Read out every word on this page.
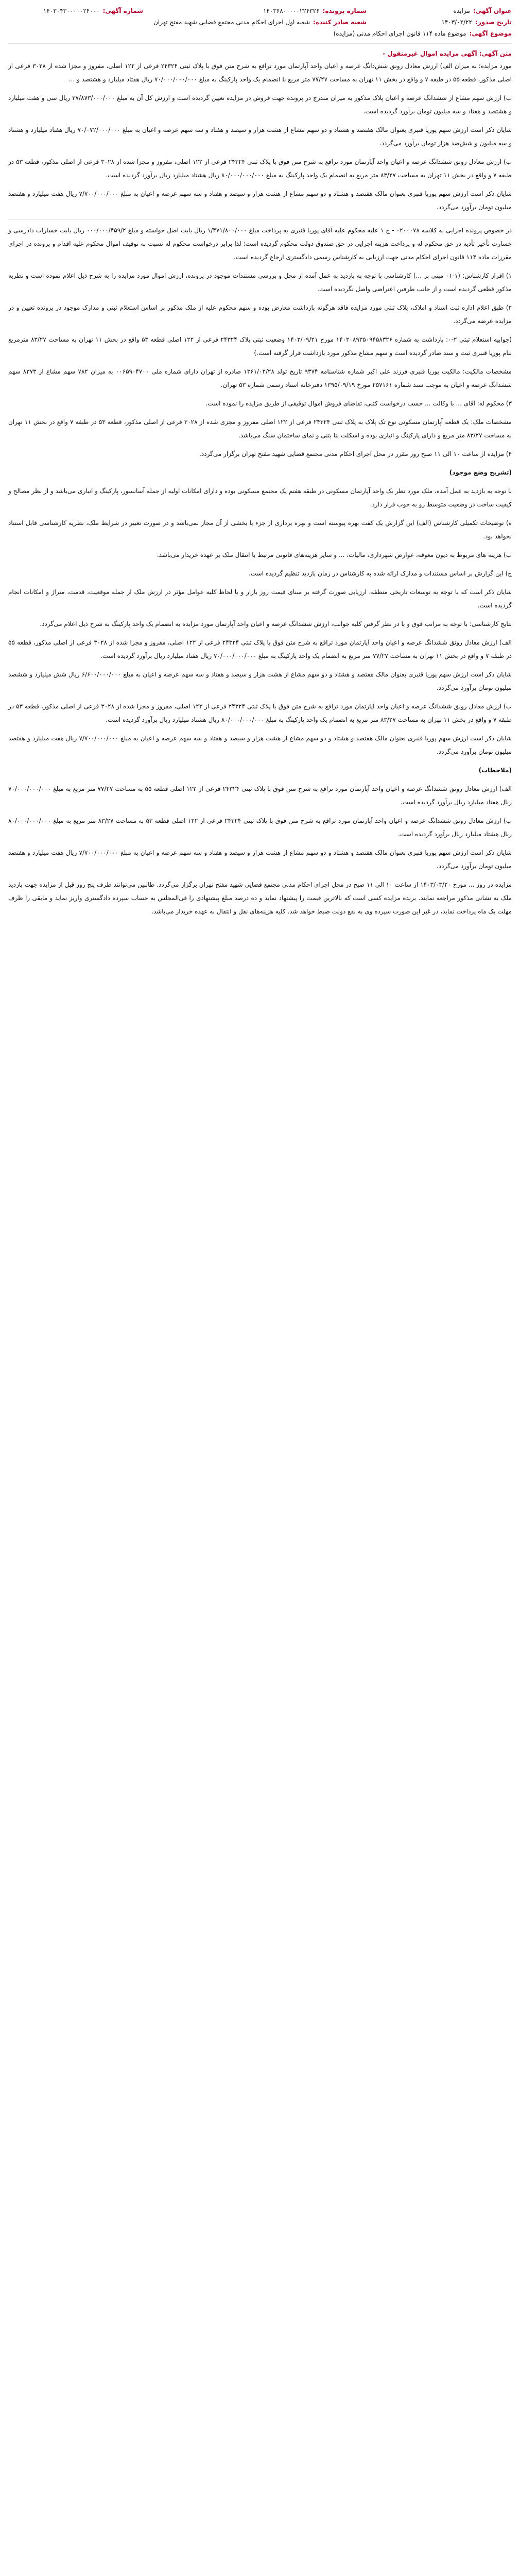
عنوان آگهی:
مزایده
تاریخ صدور:
۱۴۰۳/۰۲/۲۲
شماره پرونده:
۱۴۰۳۶۸۰۰۰۰۰۲۲۴۳۲۶
شعبه صادر کننده:
شعبه اول اجرای احکام مدنی مجتمع قضایی شهید مفتح تهران
شماره آگهی:
۱۴۰۳۰۴۳۰۰۰۰۰۲۴۰۰۰
موضوع آگهی:
موضوع ماده ۱۱۴ قانون اجرای احکام مدنی (مزایده)
متن آگهی: آگهی مزایده اموال غیرمنقول -

مورد مزایده؛ به میزان الف) ارزش معادل رونق شش‌دانگ عرصه و اعیان واحد آپارتمان مورد ترافع به شرح متن فوق با پلاک ثبتی ۲۴۳۲۴ فرعی از ۱۲۲ اصلی، مفروز و مجزا شده از ۳۰۲۸ فرعی از اصلی مذکور، قطعه ۵۵ در طبقه ۷ و واقع در بخش ۱۱ تهران به مساحت ۷۷/۲۷ متر مربع با انضمام یک واحد پارکینگ به مبلغ ۷۰/۰۰۰/۰۰۰/۰۰۰ ریال هفتاد میلیارد و هشتصد و ...

ب) ارزش سهم مشاع از ششدانگ عرصه و اعیان پلاک مذکور به میزان مندرج در پرونده جهت فروش در مزایده تعیین گردیده است و ارزش کل آن به مبلغ ۳۷/۸۷۳/۰۰۰/۰۰۰ ریال سی و هفت میلیارد و هشتصد و هفتاد و سه میلیون تومان برآورد گردیده است.

شایان ذکر است ارزش سهم پوریا قنبری بعنوان مالک هفتصد و هشتاد و دو سهم مشاع از هشت هزار و سیصد و هفتاد و سه سهم عرصه و اعیان به مبلغ ۷۰/۰۷۲/۰۰۰/۰۰۰ ریال هفتاد میلیارد و هشتاد و سه میلیون و شش‌صد هزار تومان برآورد می‌گردد.

ب) ارزش معادل رونق ششدانگ عرصه و اعیان واحد آپارتمان مورد ترافع به شرح متن فوق با پلاک ثبتی ۲۴۳۲۴ فرعی از ۱۲۲ اصلی، مفروز و مجزا شده از ۳۰۲۸ فرعی از اصلی مذکور، قطعه ۵۳ در طبقه ۷ و واقع در بخش ۱۱ تهران به مساحت ۸۳/۲۷ متر مربع به انضمام یک واحد پارکینگ به مبلغ ۸۰/۰۰۰/۰۰۰/۰۰۰ ریال هشتاد میلیارد ریال برآورد گردیده است.

شایان ذکر است ارزش سهم پوریا قنبری بعنوان مالک هفتصد و هشتاد و دو سهم مشاع از هشت هزار و سیصد و هفتاد و سه سهم عرصه و اعیان به مبلغ ۷/۷۰۰/۰۰۰/۰۰۰ ریال هفت میلیارد و هفتصد میلیون تومان برآورد می‌گردد.

در خصوص پرونده اجرایی به کلاسه ۰۲۰۰۰۷۸ - ج ۱ علیه محکوم علیه آقای پوریا قنبری به پرداخت مبلغ ۱/۴۷۱/۸۰۰/۰۰۰ ریال بابت اصل خواسته و مبلغ ۰۰۰/۰۰۰/۴۵۹/۲ ریال بابت خسارات دادرسی و خسارت تأخیر تأدیه در حق محکوم له و پرداخت هزینه اجرایی در حق صندوق دولت محکوم گردیده است؛ لذا برابر درخواست محکوم له نسبت به توقیف اموال محکوم علیه اقدام و پرونده در اجرای مقررات ماده ۱۱۴ قانون اجرای احکام مدنی جهت ارزیابی به کارشناس رسمی دادگستری ارجاع گردیده است.

۱) اقرار کارشناس: (۱-۰۱ مبنی بر ...) کارشناسی با توجه به بازدید به عمل آمده از محل و بررسی مستندات موجود در پرونده، ارزش اموال مورد مزایده را به شرح ذیل اعلام نموده است و نظریه مذکور قطعی گردیده است و از جانب طرفین اعتراضی واصل نگردیده است.

۲) طبق اعلام اداره ثبت اسناد و املاک، پلاک ثبتی مورد مزایده فاقد هرگونه بازداشت معارض بوده و سهم محکوم علیه از ملک مذکور بر اساس استعلام ثبتی و مدارک موجود در پرونده تعیین و در مزایده عرضه می‌گردد.

(جوابیه استعلام ثبتی ۲-۰: بازداشت به شماره ۱۴۰۲۰۸۹۳۵۰۹۴۵۸۳۲۶ مورخ ۱۴۰۲/۰۹/۲۱ وضعیت ثبتی پلاک ۲۴۳۲۴ فرعی از ۱۲۲ اصلی قطعه ۵۳ واقع در بخش ۱۱ تهران به مساحت ۸۳/۲۷ مترمربع بنام پوریا قنبری ثبت و سند صادر گردیده است و سهم مشاع مذکور مورد بازداشت قرار گرفته است.)

مشخصات مالکیت: مالکیت پوریا قنبری فرزند علی اکبر شماره شناسنامه ۹۳۷۴ تاریخ تولد ۱۳۶۱/۰۲/۲۸ صادره از تهران دارای شماره ملی ۰۰۶۵۹۰۴۷۰۰ به میزان ۷۸۲ سهم مشاع از ۸۳۷۳ سهم ششدانگ عرصه و اعیان به موجب سند شماره ۲۵۷۱۶۱ مورخ ۱۳۹۵/۰۹/۱۹ دفترخانه اسناد رسمی شماره ۵۳ تهران.

۳) محکوم له: آقای ... با وکالت ... حسب درخواست کتبی، تقاضای فروش اموال توقیفی از طریق مزایده را نموده است.

مشخصات ملک: یک قطعه آپارتمان مسکونی نوع تک پلاک به پلاک ثبتی ۲۴۳۲۴ فرعی از ۱۲۲ اصلی مفروز و مجزی شده از ۳۰۲۸ فرعی از اصلی مذکور، قطعه ۵۳ در طبقه ۷ واقع در بخش ۱۱ تهران به مساحت ۸۳/۲۷ متر مربع و دارای پارکینگ و انباری بوده و اسکلت بنا بتنی و نمای ساختمان سنگ می‌باشد.

۴) مزایده از ساعت ۱۰ الی ۱۱ صبح روز مقرر در محل اجرای احکام مدنی مجتمع قضایی شهید مفتح تهران برگزار می‌گردد.

(تشریح وضع موجود)

با توجه به بازدید به عمل آمده، ملک مورد نظر یک واحد آپارتمان مسکونی در طبقه هفتم یک مجتمع مسکونی بوده و دارای امکانات اولیه از جمله آسانسور، پارکینگ و انباری می‌باشد و از نظر مصالح و کیفیت ساخت در وضعیت متوسط رو به خوب قرار دارد.

ه) توضیحات تکمیلی کارشناس (الف) این گزارش یک کفت بهره پیوسته است و بهره برداری از جزء یا بخشی از آن مجاز نمی‌باشد و در صورت تغییر در شرایط ملک، نظریه کارشناسی قابل استناد نخواهد بود.

ب) هزینه های مربوط به دیون معوقه، عوارض شهرداری، مالیات، ... و سایر هزینه‌های قانونی مرتبط با انتقال ملک بر عهده خریدار می‌باشد.

ج) این گزارش بر اساس مستندات و مدارک ارائه شده به کارشناس در زمان بازدید تنظیم گردیده است.

شایان ذکر است که با توجه به توسعات تاریخی منطقه، ارزیابی صورت گرفته بر مبنای قیمت روز بازار و با لحاظ کلیه عوامل مؤثر در ارزش ملک از جمله موقعیت، قدمت، متراژ و امکانات انجام گردیده است.

نتایج کارشناسی: با توجه به مراتب فوق و با در نظر گرفتن کلیه جوانب، ارزش ششدانگ عرصه و اعیان واحد آپارتمان مورد مزایده به انضمام یک واحد پارکینگ به شرح ذیل اعلام می‌گردد.

الف) ارزش معادل رونق ششدانگ عرصه و اعیان واحد آپارتمان مورد ترافع به شرح متن فوق با پلاک ثبتی ۲۴۳۲۴ فرعی از ۱۲۲ اصلی، مفروز و مجزا شده از ۳۰۲۸ فرعی از اصلی مذکور، قطعه ۵۵ در طبقه ۷ و واقع در بخش ۱۱ تهران به مساحت ۷۷/۲۷ متر مربع به انضمام یک واحد پارکینگ به مبلغ ۷۰/۰۰۰/۰۰۰/۰۰۰ ریال هفتاد میلیارد ریال برآورد گردیده است.

شایان ذکر است ارزش سهم پوریا قنبری بعنوان مالک هفتصد و هشتاد و دو سهم مشاع از هشت هزار و سیصد و هفتاد و سه سهم عرصه و اعیان به مبلغ ۶/۶۰۰/۰۰۰/۰۰۰ ریال شش میلیارد و ششصد میلیون تومان برآورد می‌گردد.

ب) ارزش معادل رونق ششدانگ عرصه و اعیان واحد آپارتمان مورد ترافع به شرح متن فوق با پلاک ثبتی ۲۴۳۲۴ فرعی از ۱۲۲ اصلی، مفروز و مجزا شده از ۳۰۲۸ فرعی از اصلی مذکور، قطعه ۵۳ در طبقه ۷ و واقع در بخش ۱۱ تهران به مساحت ۸۳/۲۷ متر مربع به انضمام یک واحد پارکینگ به مبلغ ۸۰/۰۰۰/۰۰۰/۰۰۰ ریال هشتاد میلیارد ریال برآورد گردیده است.

شایان ذکر است ارزش سهم پوریا قنبری بعنوان مالک هفتصد و هشتاد و دو سهم مشاع از هشت هزار و سیصد و هفتاد و سه سهم عرصه و اعیان به مبلغ ۷/۷۰۰/۰۰۰/۰۰۰ ریال هفت میلیارد و هفتصد میلیون تومان برآورد می‌گردد.

(ملاحظات)

الف) ارزش معادل رونق ششدانگ عرصه و اعیان واحد آپارتمان مورد ترافع به شرح متن فوق با پلاک ثبتی ۲۴۳۲۴ فرعی از ۱۲۲ اصلی قطعه ۵۵ به مساحت ۷۷/۲۷ متر مربع به مبلغ ۷۰/۰۰۰/۰۰۰/۰۰۰ ریال هفتاد میلیارد ریال برآورد گردیده است.

ب) ارزش معادل رونق ششدانگ عرصه و اعیان واحد آپارتمان مورد ترافع به شرح متن فوق با پلاک ثبتی ۲۴۳۲۴ فرعی از ۱۲۲ اصلی قطعه ۵۳ به مساحت ۸۳/۲۷ متر مربع به مبلغ ۸۰/۰۰۰/۰۰۰/۰۰۰ ریال هشتاد میلیارد ریال برآورد گردیده است.

شایان ذکر است ارزش سهم پوریا قنبری بعنوان مالک هفتصد و هشتاد و دو سهم مشاع از هشت هزار و سیصد و هفتاد و سه سهم عرصه و اعیان به مبلغ ۷/۷۰۰/۰۰۰/۰۰۰ ریال هفت میلیارد و هفتصد میلیون تومان برآورد می‌گردد.

مزایده در روز ... مورخ ۱۴۰۳/۰۳/۲۰ از ساعت ۱۰ الی ۱۱ صبح در محل اجرای احکام مدنی مجتمع قضایی شهید مفتح تهران برگزار می‌گردد. طالبین می‌توانند ظرف پنج روز قبل از مزایده جهت بازدید ملک به نشانی مذکور مراجعه نمایند. برنده مزایده کسی است که بالاترین قیمت را پیشنهاد نماید و ده درصد مبلغ پیشنهادی را فی‌المجلس به حساب سپرده دادگستری واریز نماید و مابقی را ظرف مهلت یک ماه پرداخت نماید، در غیر این صورت سپرده وی به نفع دولت ضبط خواهد شد. کلیه هزینه‌های نقل و انتقال به عهده خریدار می‌باشد.
